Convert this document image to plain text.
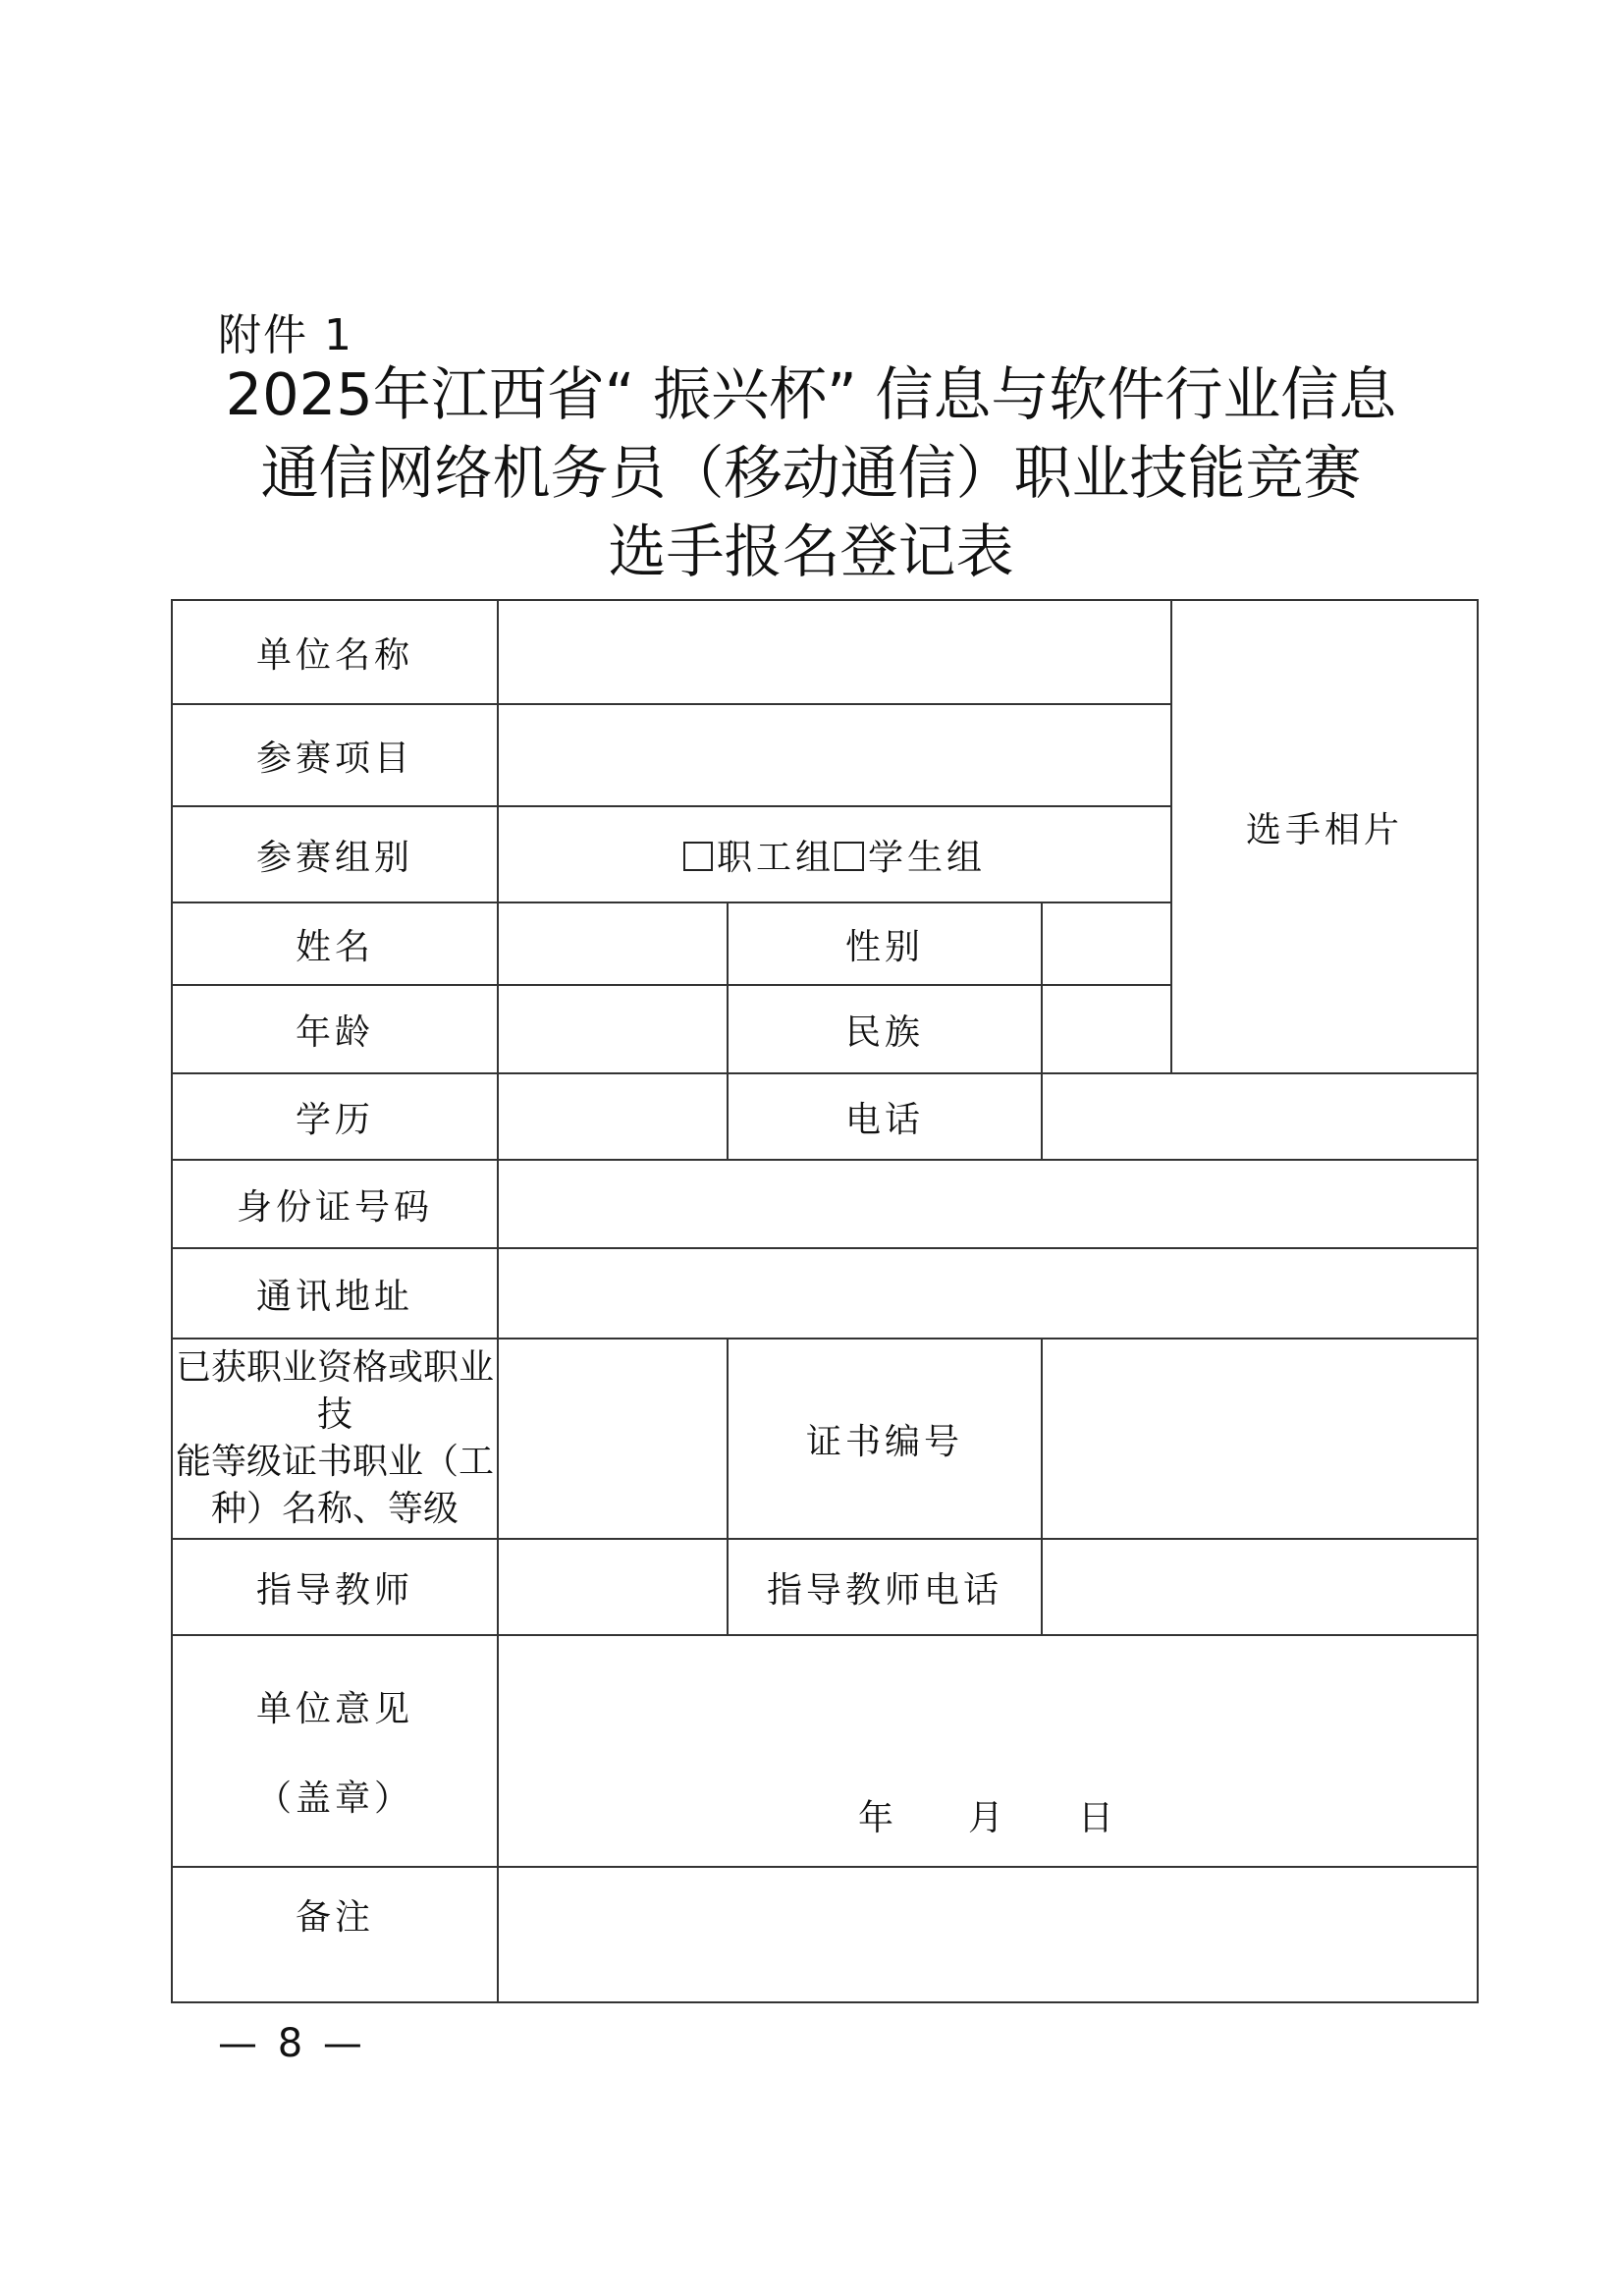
附件 1
2025年江西省“ 振兴杯” 信息与软件行业信息
通信网络机务员（移动通信）职业技能竞赛
选手报名登记表
单位名称				选手相片
参赛项目				
参赛组别	职工组 学生组			
姓名		性别		
年龄		民族		
学历		电话		
身份证号码				
通讯地址				

已获职业资格或职业技
能等级证书职业（工
种）名称、等级		证书编号		
指导教师		指导教师电话		

单位意见
（盖章）	年 月 日			

备注				
— 8 —
